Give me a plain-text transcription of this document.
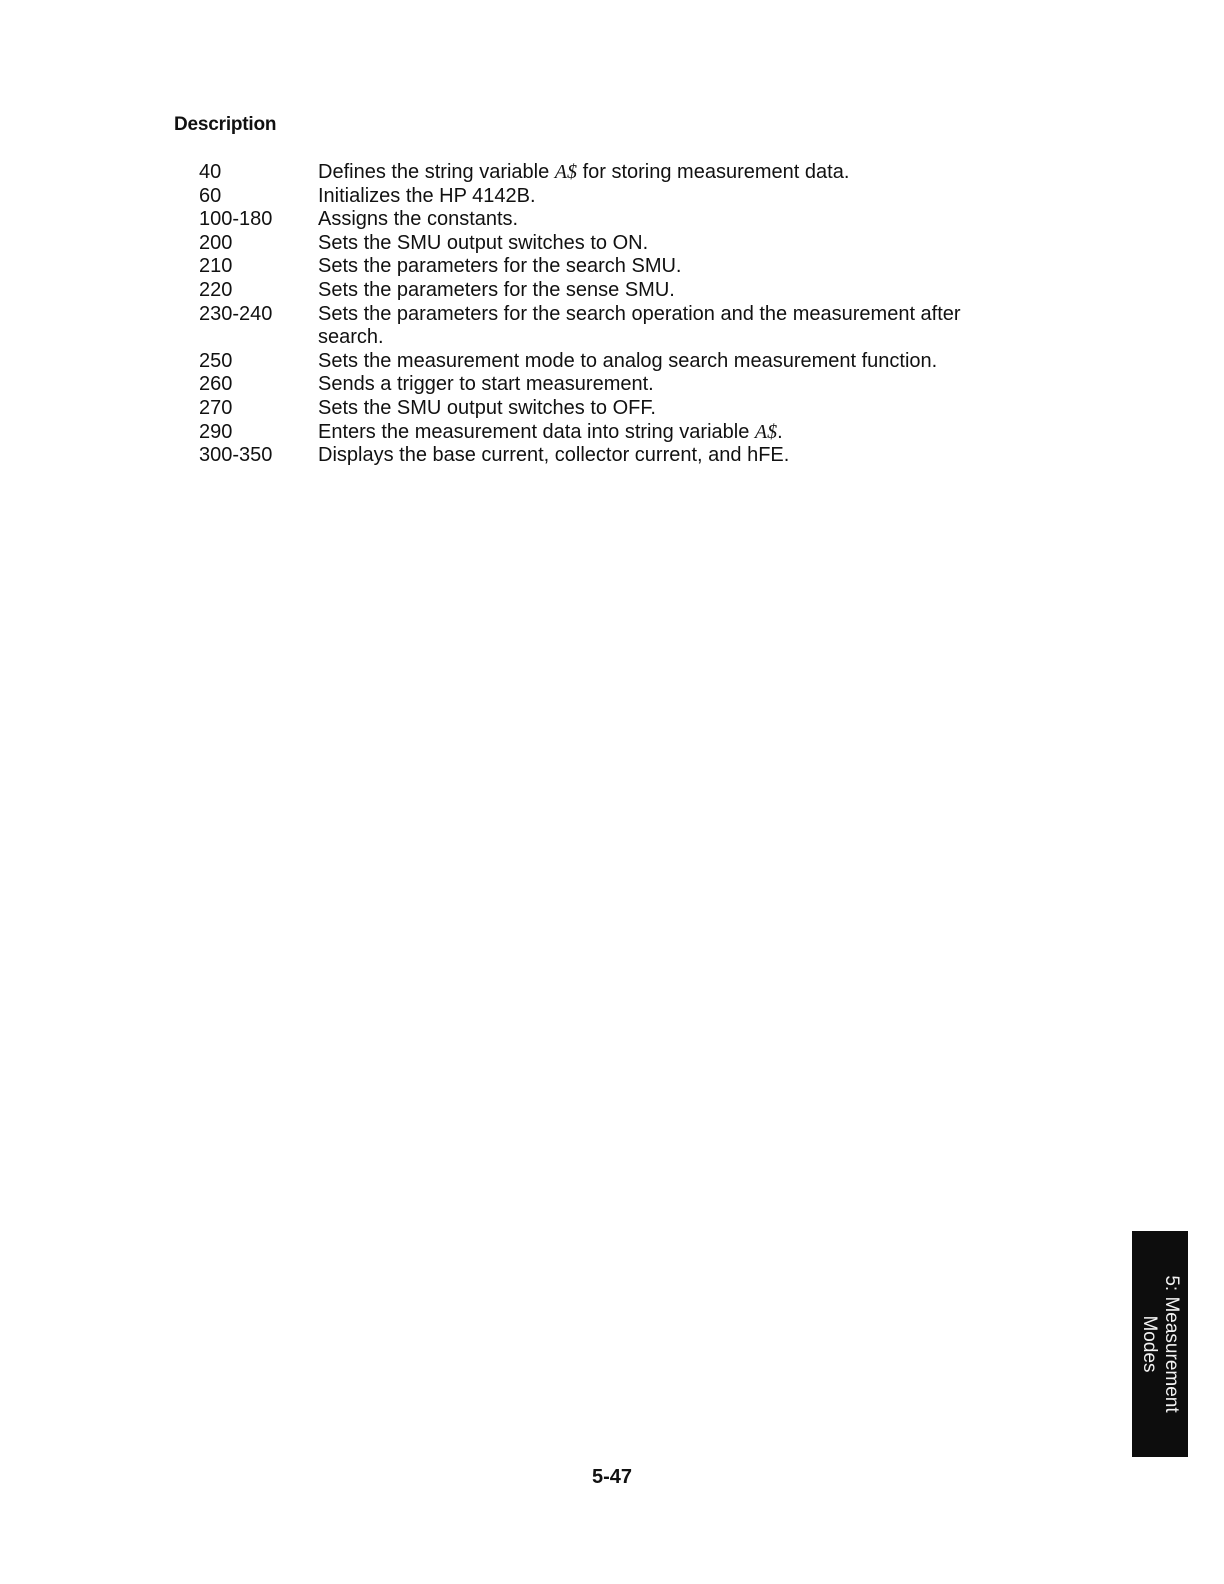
Description
40	Defines the string variable A$ for storing measurement data.
60	Initializes the HP 4142B.
100-180	Assigns the constants.
200	Sets the SMU output switches to ON.
210	Sets the parameters for the search SMU.
220	Sets the parameters for the sense SMU.
230-240	Sets the parameters for the search operation and the measurement after search.
250	Sets the measurement mode to analog search measurement function.
260	Sends a trigger to start measurement.
270	Sets the SMU output switches to OFF.
290	Enters the measurement data into string variable A$.
300-350	Displays the base current, collector current, and hFE.
5-47
5: Measurement
Modes
